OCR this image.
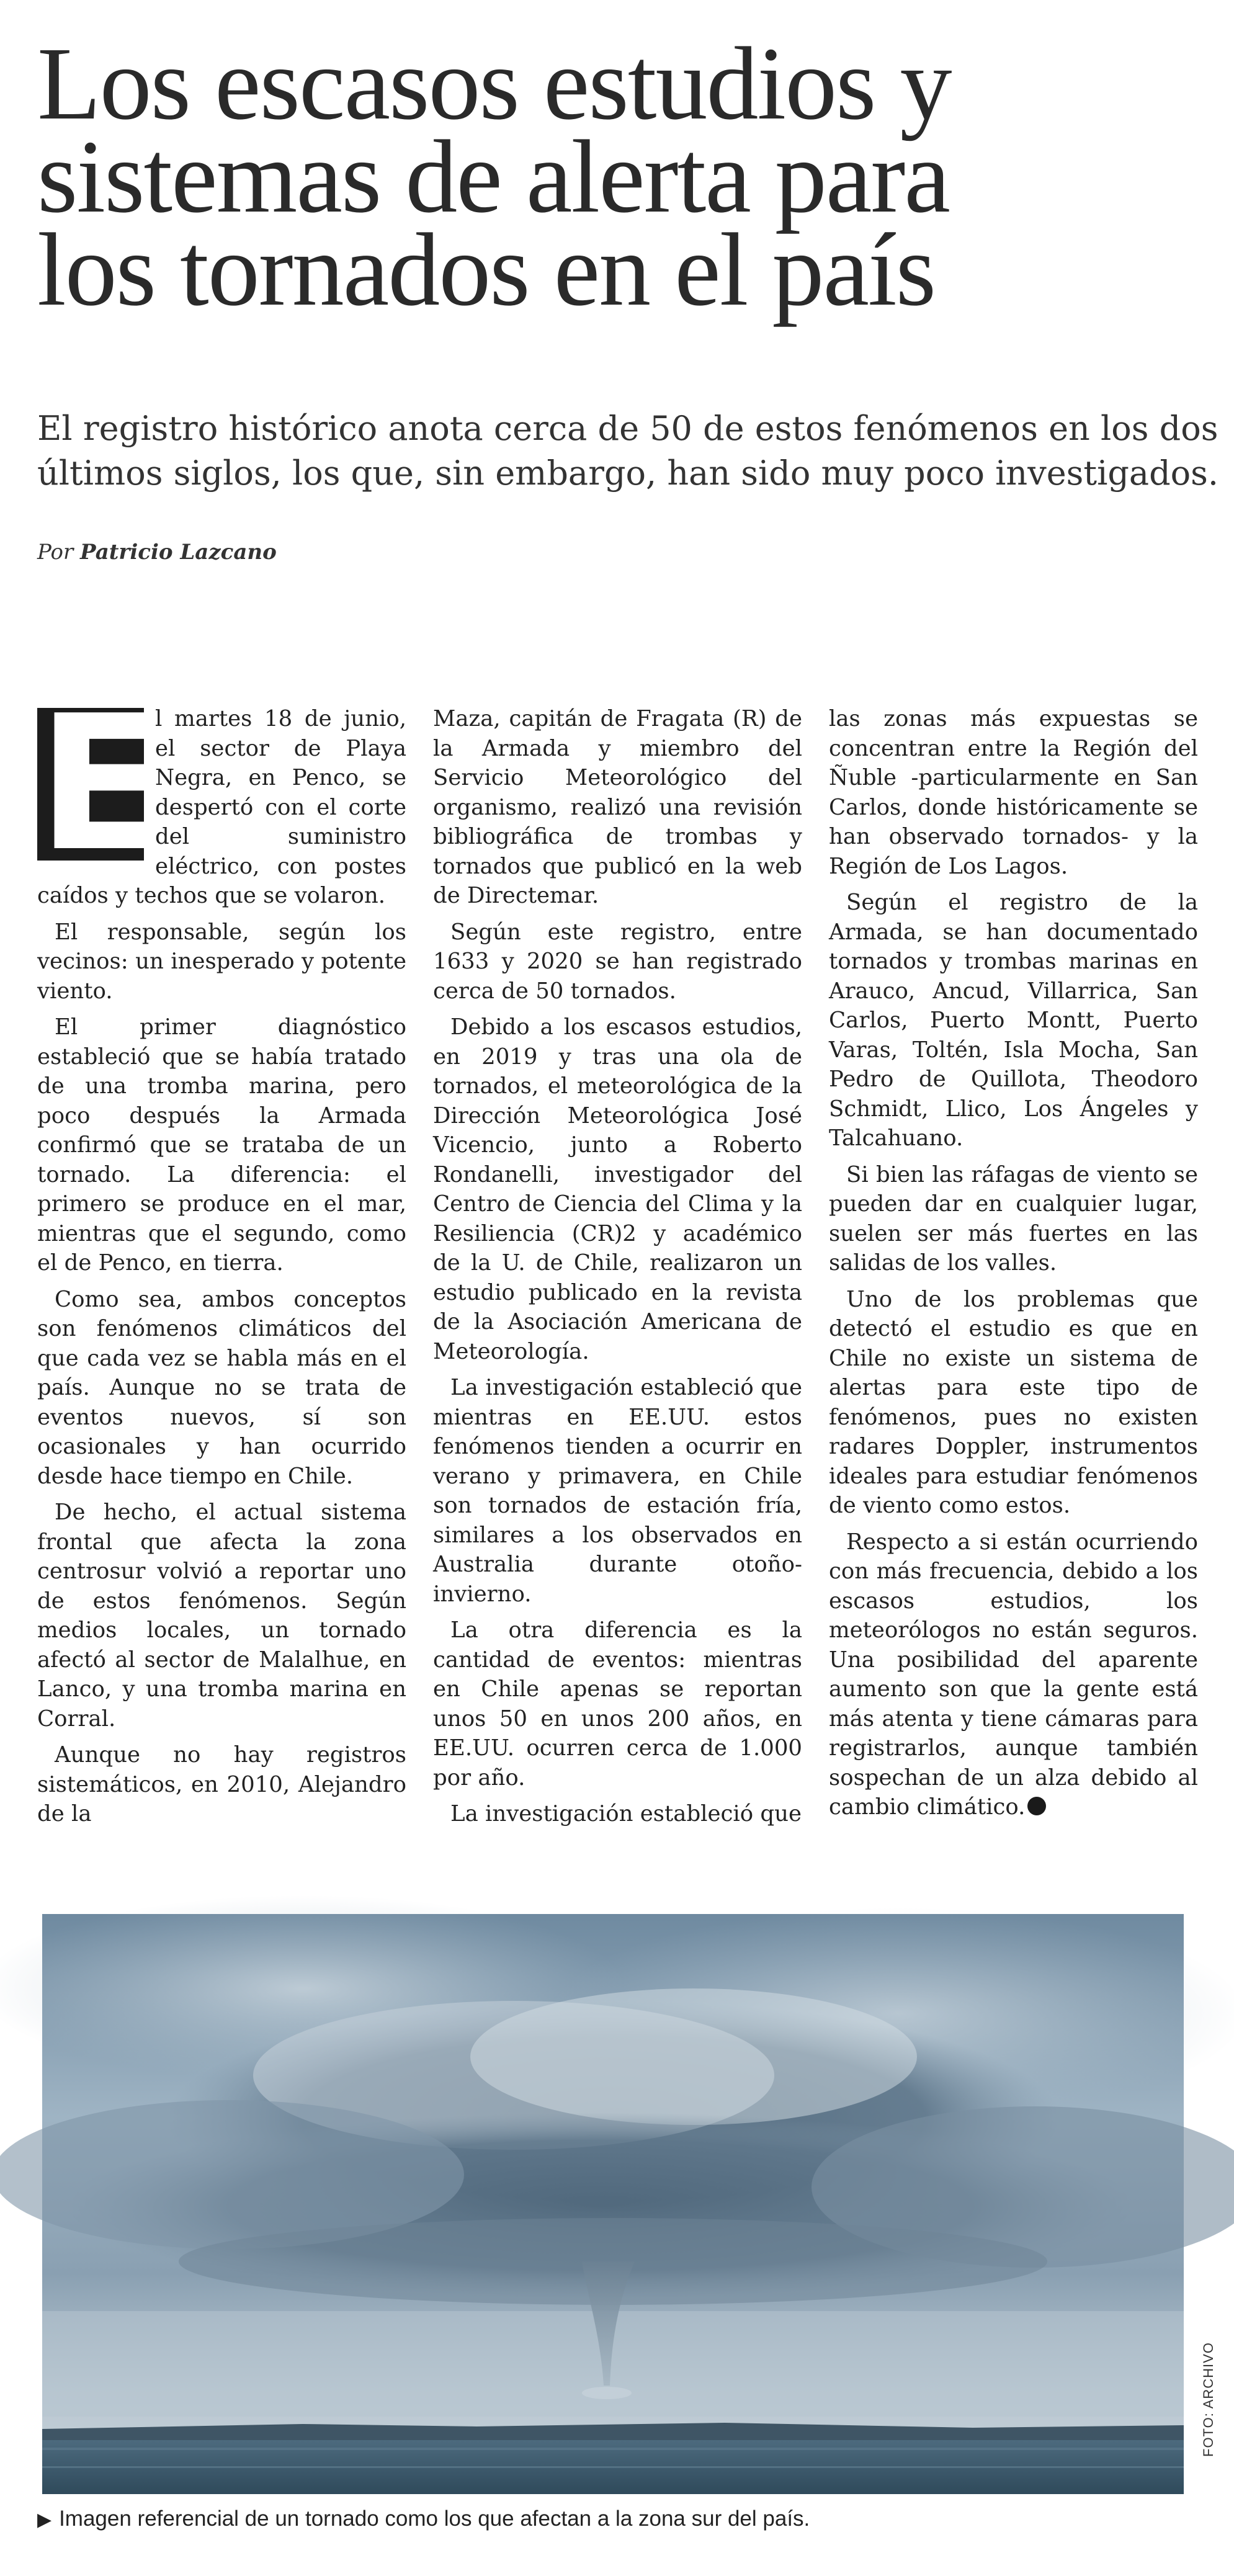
Los escasos estudios y
sistemas de alerta para
los tornados en el país

El registro histórico anota cerca de 50 de estos fenómenos en los dos
últimos siglos, los que, sin embargo, han sido muy poco investigados.

Por Patricio Lazcano

E
l martes 18 de junio, el sector de Playa Negra, en Penco, se despertó con el corte del suministro eléctrico, con postes caídos y techos que se volaron.

El responsable, según los vecinos: un inesperado y potente viento.

El primer diagnóstico estableció que se había tratado de una tromba marina, pero poco después la Armada confirmó que se trataba de un tornado. La diferencia: el primero se produce en el mar, mientras que el segundo, como el de Penco, en tierra.

Como sea, ambos conceptos son fenómenos climáticos del que cada vez se habla más en el país. Aunque no se trata de eventos nuevos, sí son ocasionales y han ocurrido desde hace tiempo en Chile.

De hecho, el actual sistema frontal que afecta la zona centrosur volvió a reportar uno de estos fenómenos. Según medios locales, un tornado afectó al sector de Malalhue, en Lanco, y una tromba marina en Corral.

Aunque no hay registros sistemáticos, en 2010, Alejandro de la

Maza, capitán de Fragata (R) de la Armada y miembro del Servicio Meteorológico del organismo, realizó una revisión bibliográfica de trombas y tornados que publicó en la web de Directemar.

Según este registro, entre 1633 y 2020 se han registrado cerca de 50 tornados.

Debido a los escasos estudios, en 2019 y tras una ola de tornados, el meteorológica de la Dirección Meteorológica José Vicencio, junto a Roberto Rondanelli, investigador del Centro de Ciencia del Clima y la Resiliencia (CR)2 y académico de la U. de Chile, realizaron un estudio publicado en la revista de la Asociación Americana de Meteorología.

La investigación estableció que mientras en EE.UU. estos fenómenos tienden a ocurrir en verano y primavera, en Chile son tornados de estación fría, similares a los observados en Australia durante otoño-invierno.

La otra diferencia es la cantidad de eventos: mientras en Chile apenas se reportan unos 50 en unos 200 años, en EE.UU. ocurren cerca de 1.000 por año.

La investigación estableció que

las zonas más expuestas se concentran entre la Región del Ñuble -particularmente en San Carlos, donde históricamente se han observado tornados- y la Región de Los Lagos.

Según el registro de la Armada, se han documentado tornados y trombas marinas en Arauco, Ancud, Villarrica, San Carlos, Puerto Montt, Puerto Varas, Toltén, Isla Mocha, San Pedro de Quillota, Theodoro Schmidt, Llico, Los Ángeles y Talcahuano.

Si bien las ráfagas de viento se pueden dar en cualquier lugar, suelen ser más fuertes en las salidas de los valles.

Uno de los problemas que detectó el estudio es que en Chile no existe un sistema de alertas para este tipo de fenómenos, pues no existen radares Doppler, instrumentos ideales para estudiar fenómenos de viento como estos.

Respecto a si están ocurriendo con más frecuencia, debido a los escasos estudios, los meteorólogos no están seguros. Una posibilidad del aparente aumento son que la gente está más atenta y tiene cámaras para registrarlos, aunque también sospechan de un alza debido al cambio climático.

FOTO: ARCHIVO
▶ Imagen referencial de un tornado como los que afectan a la zona sur del país.
